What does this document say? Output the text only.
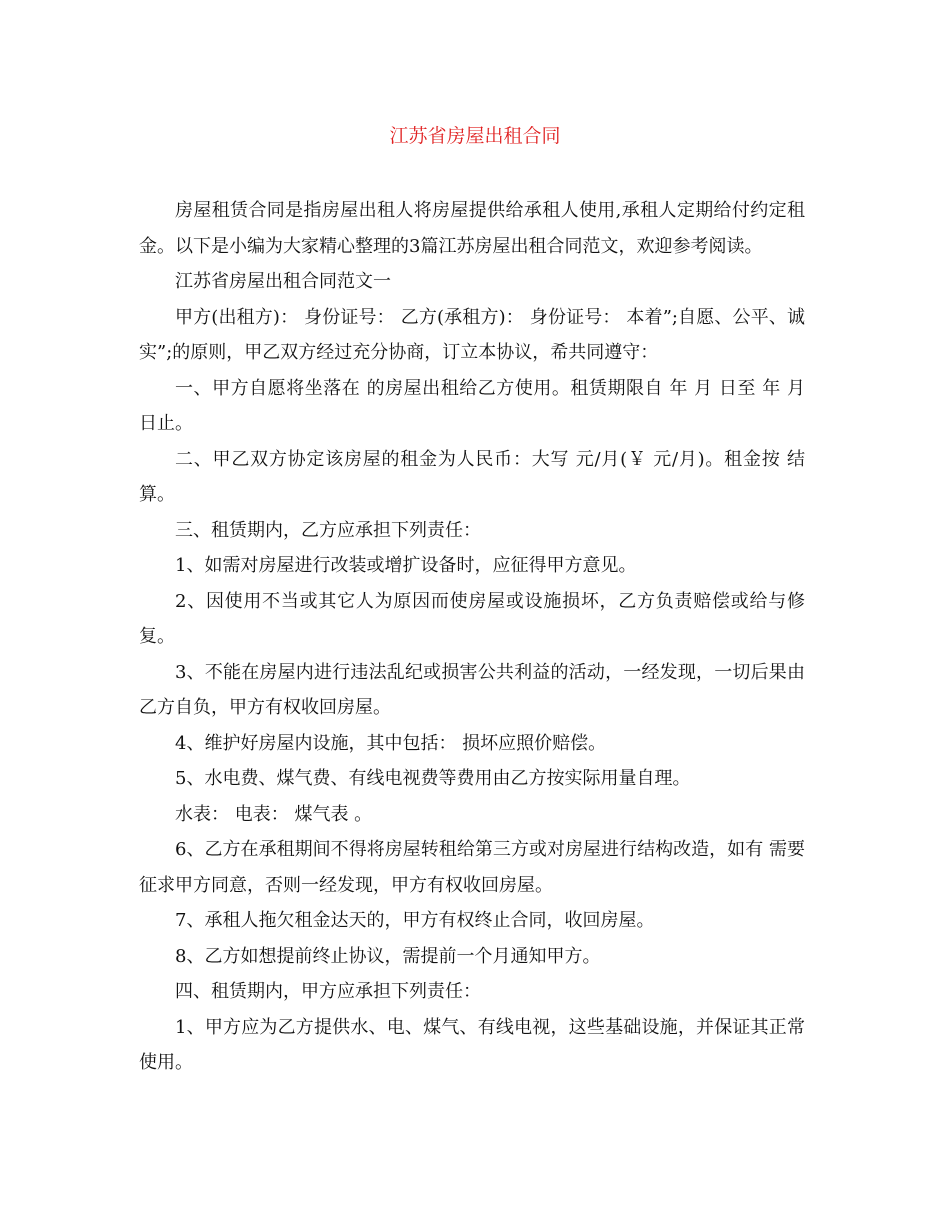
江苏省房屋出租合同

房屋租赁合同是指房屋出租人将房屋提供给承租人使用,承租人定期给付约定租金。以下是小编为大家精心整理的3篇江苏房屋出租合同范文，欢迎参考阅读。

江苏省房屋出租合同范文一

甲方(出租方)： 身份证号： 乙方(承租方)： 身份证号： 本着”;自愿、公平、诚实”;的原则，甲乙双方经过充分协商，订立本协议，希共同遵守：

一、甲方自愿将坐落在 的房屋出租给乙方使用。租赁期限自 年 月 日至 年 月 日止。

二、甲乙双方协定该房屋的租金为人民币：大写 元/月(￥ 元/月)。租金按 结算。

三、租赁期内，乙方应承担下列责任：

1、如需对房屋进行改装或增扩设备时，应征得甲方意见。

2、因使用不当或其它人为原因而使房屋或设施损坏，乙方负责赔偿或给与修复。

3、不能在房屋内进行违法乱纪或损害公共利益的活动，一经发现，一切后果由乙方自负，甲方有权收回房屋。

4、维护好房屋内设施，其中包括： 损坏应照价赔偿。

5、水电费、煤气费、有线电视费等费用由乙方按实际用量自理。

水表： 电表： 煤气表 。

6、乙方在承租期间不得将房屋转租给第三方或对房屋进行结构改造，如有 需要征求甲方同意，否则一经发现，甲方有权收回房屋。

7、承租人拖欠租金达天的，甲方有权终止合同，收回房屋。

8、乙方如想提前终止协议，需提前一个月通知甲方。

四、租赁期内，甲方应承担下列责任：

1、甲方应为乙方提供水、电、煤气、有线电视，这些基础设施，并保证其正常使用。
